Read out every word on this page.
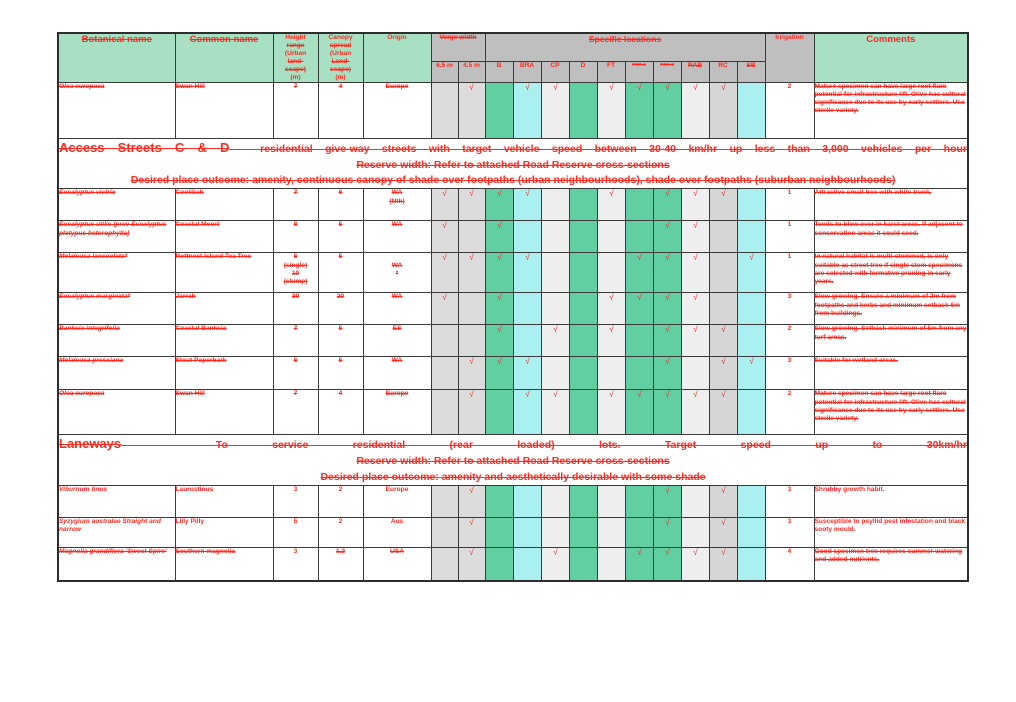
Botanical name	Common name	Height
range
(Urban
land-
scape)
(m)	Canopy
spread
(Urban
Land-
scape)
(m)	Origin	Verge width	Specific locations	Irrigation	Comments
					6.5 m	4.5 m	B	BRA	CP	D	FT	POS-1	POS-2	RAB	RC	SB		
Olea europaea	Swan Hill	7	4	Europe		√		√	√		√	√	√	√	√		2	Mature specimen can have large root flare potential for infrastructure lift. Olive has cultural significance due to its use by early settlers. Use sterile variety.

Access Streets C & D – residential give-way streets with target vehicle speed between 30-40 km/hr up less than 3,000 vehicles per hour
Reserve width: Refer to attached Road Reserve cross-sections
Desired place outcome: amenity, continuous canopy of shade over footpaths (urban neighbourhoods), shade over footpaths (suburban neighbourhoods)																		

Eucalyptus victrix	Coolibah	7	6	WA
(Nth)	√	√	√	√			√		√	√	√		1	Attractive small tree with white trunk.
Eucalyptus utilis (prev Eucalyptus platypus heterophylla)	Coastal Moort	8	5	WA	√		√						√	√			1	Tends to blow over in karst areas. If adjacent to conservation areas it could seed.
Melaleuca lanceolata*	Rottnest Island Tea Tree	6
(single)
10
(clump)	5	WA
*	√	√	√	√				√	√	√		√	1	In natural habitat is multi-stemmed, is only suitable as street tree if single stem specimens are selected with formative pruning in early years.
Eucalyptus marginata*	Jarrah	30	20	WA	√		√				√	√	√	√			3	Slow growing. Ensure a minimum of 2m from footpaths and kerbs and minimum setback 6m from buildings.
Banksia integrifolia	Coastal Banksia	7	5	ES			√		√		√		√	√	√		2	Slow growing. Setback minimum of 5m from any turf areas.
Melaleuca pressiana	Stout Paperbark	6	5	WA		√	√	√					√		√	√	3	Suitable for wetland areas.
Olea europaea	Swan Hill	7	4	Europe		√		√	√		√	√	√	√	√		2	Mature specimen can have large root flare potential for infrastructure lift. Olive has cultural significance due to its use by early settlers. Use sterile variety.

Laneways – To service residential (rear loaded) lots. Target speed up to 30km/hr
Reserve width: Refer to attached Road Reserve cross-sections
Desired place outcome: amenity and aesthetically desirable with some shade																		

Viburnum tinus	Laurustinus	3	2	Europe		√							√		√		3	Shrubby growth habit.
Syzygium australae Straight and narrow	Lilly Pilly	5	2	Aus		√							√		√		3	Susceptible to psyllid pest infestation and black sooty mould.
Magnolia grandiflora ‘Sweet Spire’	Southern magnolia	3	1.2	USA		√			√			√	√	√	√		4	Good specimen tree requires summer watering and added nutrients.
